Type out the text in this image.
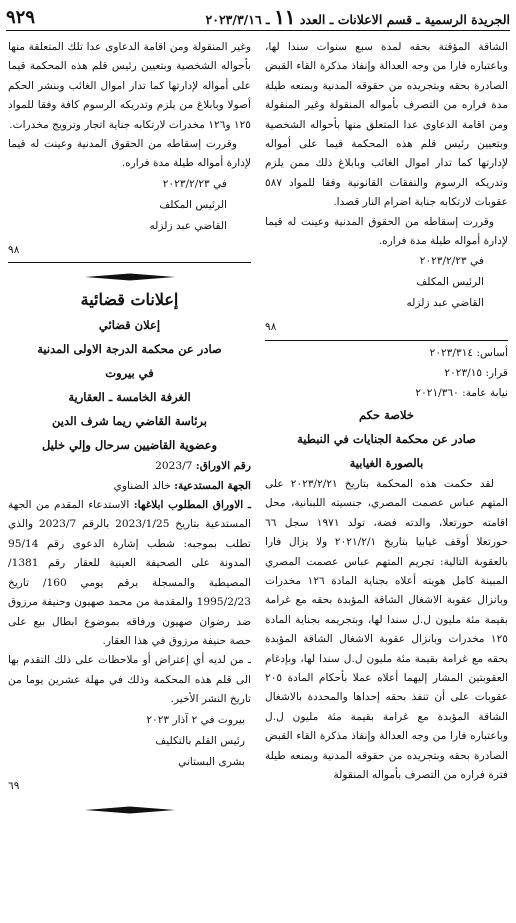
الجريدة الرسمية ـ قسم الاعلانات ـ العدد ١١ ـ ٢٠٢٣/٣/١٦
٩٢٩

الشاقة المؤقتة بحقه لمدة سبع سنوات سندا لها، وباعتباره فارا من وجه العدالة وإنفاذ مذكرة القاء القبض الصادرة بحقه وبتجريده من حقوقه المدنية وبمنعه طيلة مدة فراره من التصرف بأمواله المنقولة وغير المنقولة ومن اقامة الدعاوى عدا المتعلق منها بأحواله الشخصية وبتعيين رئيس قلم هذه المحكمة قيما على أمواله لإدارتها كما تدار اموال الغائب وبابلاغ ذلك ممن يلزم وتدريكه الرسوم والنفقات القانونية وفقا للمواد ٥٨٧ عقوبات لارتكابه جناية اضرام النار قصدا.

وقررت إسقاطه من الحقوق المدنية وعينت له قيما لإدارة أمواله طيلة مدة فراره.

في ٢٠٢٣/٢/٢٣
الرئيس المكلف
القاضي عبد زلزله
٩٨
أساس: ٢٠٢٣/٣١٤
قرار: ٢٠٢٣/١٥
نيابة عامة: ٢٠٢١/٣٦٠
خلاصة حكم
صادر عن محكمة الجنايات في النبطية
بالصورة الغيابية

لقد حكمت هذه المحكمة بتاريخ ٢٠٢٣/٢/٢١ على المتهم عباس عصمت المصري، جنسيته اللبنانية، محل اقامته حورتعلا، والدته فضة، تولد ١٩٧١ سجل ٦٦ حورتعلا أوقف غيابيا بتاريخ ٢٠٢١/٢/١ ولا يزال فارا بالعقوبة التالية: تجريم المتهم عباس عصمت المصري المبينة كامل هويته أعلاه بجناية المادة ١٢٦ مخدرات وبانزال عقوبة الاشغال الشاقة المؤبدة بحقه مع غرامة بقيمة مئة مليون ل.ل سندا لها، وبتجريمه بجناية المادة ١٢٥ مخدرات وبانزال عقوبة الاشغال الشاقة المؤبدة بحقه مع غرامة بقيمة مئة مليون ل.ل سندا لها، وبإدغام العقوبتين المشار إليهما أعلاه عملا بأحكام المادة ٢٠٥ عقوبات على أن تنفذ بحقه إحداها والمحددة بالاشغال الشاقة المؤبدة مع غرامة بقيمة مئة مليون ل.ل وباعتباره فارا من وجه العدالة وإنفاذ مذكرة القاء القبض الصادرة بحقه وبتجريده من حقوقه المدنية وبمنعه طيلة فترة فراره من التصرف بأمواله المنقولة

وغير المنقولة ومن اقامة الدعاوى عدا تلك المتعلقة منها بأحواله الشخصية وبتعيين رئيس قلم هذه المحكمة قيما على أمواله لإدارتها كما تدار اموال الغائب وبنشر الحكم أصولا وبابلاغ من يلزم وتدريكه الرسوم كافة وفقا للمواد ١٢٥ و١٢٦ مخدرات لارتكابه جناية اتجار وترويج مخدرات.

وقررت إسقاطه من الحقوق المدنية وعينت له قيما لإدارة أمواله طيلة مدة فراره.

في ٢٠٢٣/٢/٢٣
الرئيس المكلف
القاضي عبد زلزله
٩٨
إعلانات قضائية
إعلان قضائي
صادر عن محكمة الدرجة الاولى المدنية
في بيروت
الغرفة الخامسة ـ العقارية
برئاسة القاضي ريما شرف الدين
وعضوية القاضيين سرحال وإلي خليل
رقم الاوراق: 2023/7
الجهة المستدعية: خالد الضناوي

ـ الاوراق المطلوب ابلاغها: الاستدعاء المقدم من الجهة المستدعية بتاريخ 2023/1/25 بالرقم 2023/7 والذي تطلب بموجبه: شطب إشارة الدعوى رقم 95/14 المدونة على الصحيفة العينية للعقار رقم 1381/ المصيطبة والمسجلة برقم يومي 160/ تاريخ 1995/2/23 والمقدمة من محمد صهيون وحنيفة مرزوق ضد رضوان صهيون ورفاقه بموضوع ابطال بيع على حصة حنيفة مرزوق في هذا العقار.

ـ من لديه أي إعتراض أو ملاحظات على ذلك التقدم بها الى قلم هذه المحكمة وذلك في مهلة عشرين يوما من تاريخ النشر الأخير.

بيروت في ٢ آذار ٢٠٢٣
رئيس القلم بالتكليف
بشرى البستاني
٦٩
